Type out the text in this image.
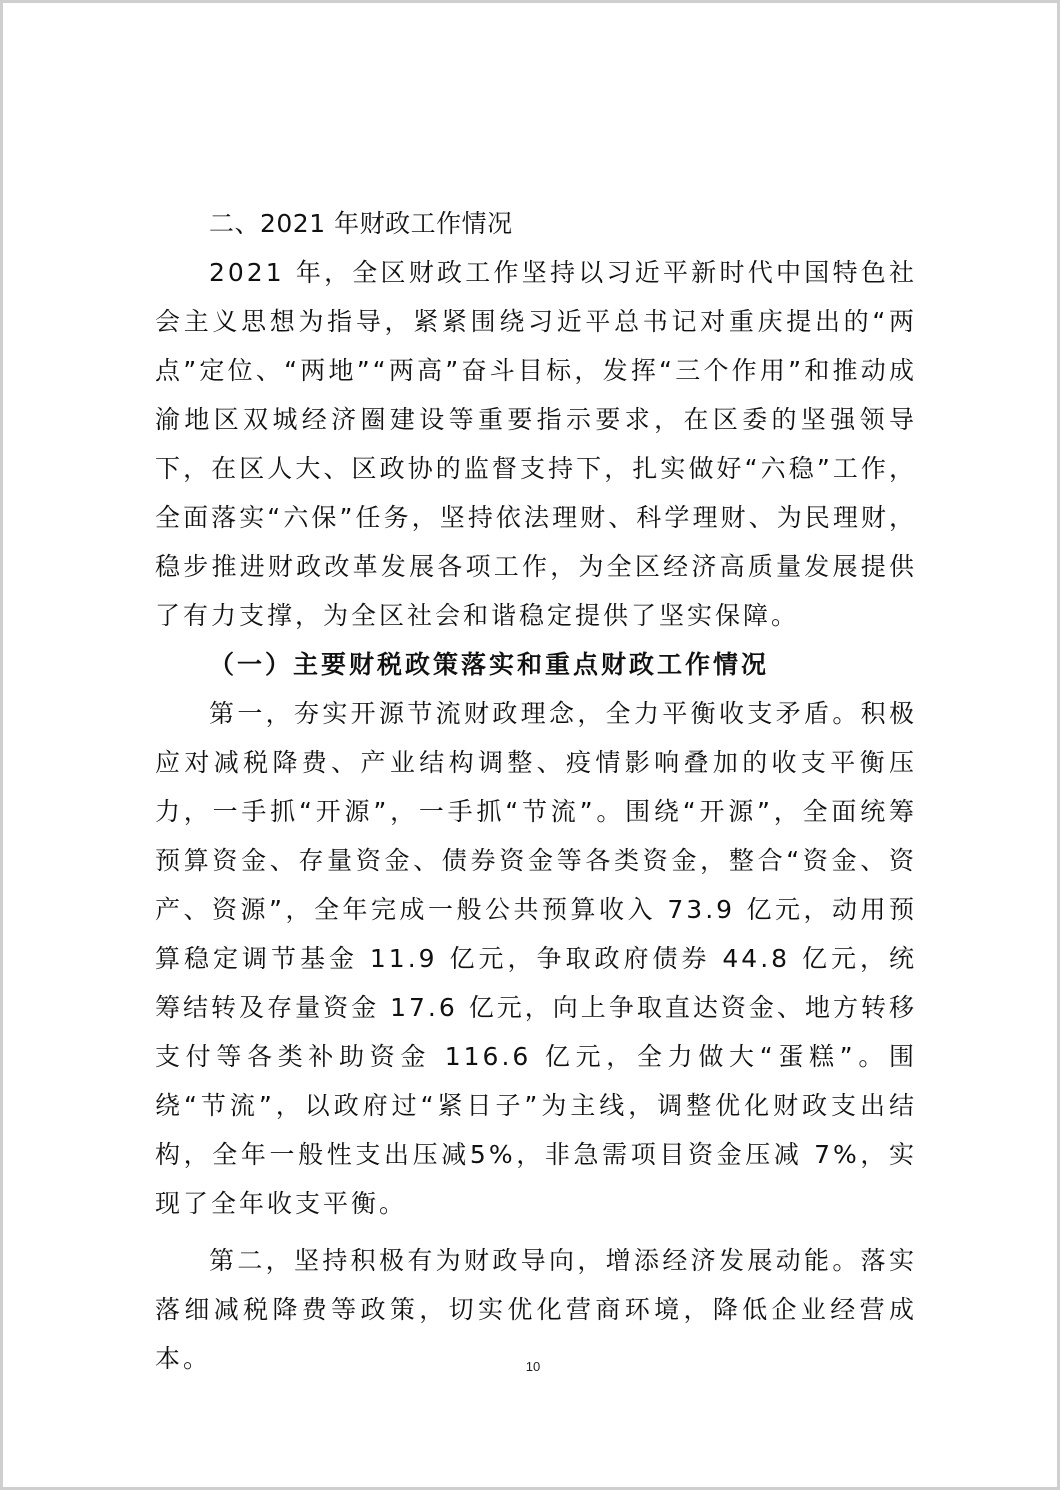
二、2021 年财政工作情况

2021 年，全区财政工作坚持以习近平新时代中国特色社会主义思想为指导，紧紧围绕习近平总书记对重庆提出的“两点”定位、“两地”“两高”奋斗目标，发挥“三个作用”和推动成渝地区双城经济圈建设等重要指示要求，在区委的坚强领导下，在区人大、区政协的监督支持下，扎实做好“六稳”工作，全面落实“六保”任务，坚持依法理财、科学理财、为民理财，稳步推进财政改革发展各项工作，为全区经济高质量发展提供了有力支撑，为全区社会和谐稳定提供了坚实保障。

（一）主要财税政策落实和重点财政工作情况

第一，夯实开源节流财政理念，全力平衡收支矛盾。积极应对减税降费、产业结构调整、疫情影响叠加的收支平衡压力，一手抓“开源”，一手抓“节流”。围绕“开源”，全面统筹预算资金、存量资金、债券资金等各类资金，整合“资金、资产、资源”，全年完成一般公共预算收入 73.9 亿元，动用预算稳定调节基金 11.9 亿元，争取政府债券 44.8 亿元，统筹结转及存量资金 17.6 亿元，向上争取直达资金、地方转移支付等各类补助资金 116.6 亿元，全力做大“蛋糕”。围绕“节流”，以政府过“紧日子”为主线，调整优化财政支出结构，全年一般性支出压减5%，非急需项目资金压减 7%，实现了全年收支平衡。

第二，坚持积极有为财政导向，增添经济发展动能。落实落细减税降费等政策，切实优化营商环境，降低企业经营成本。	10
